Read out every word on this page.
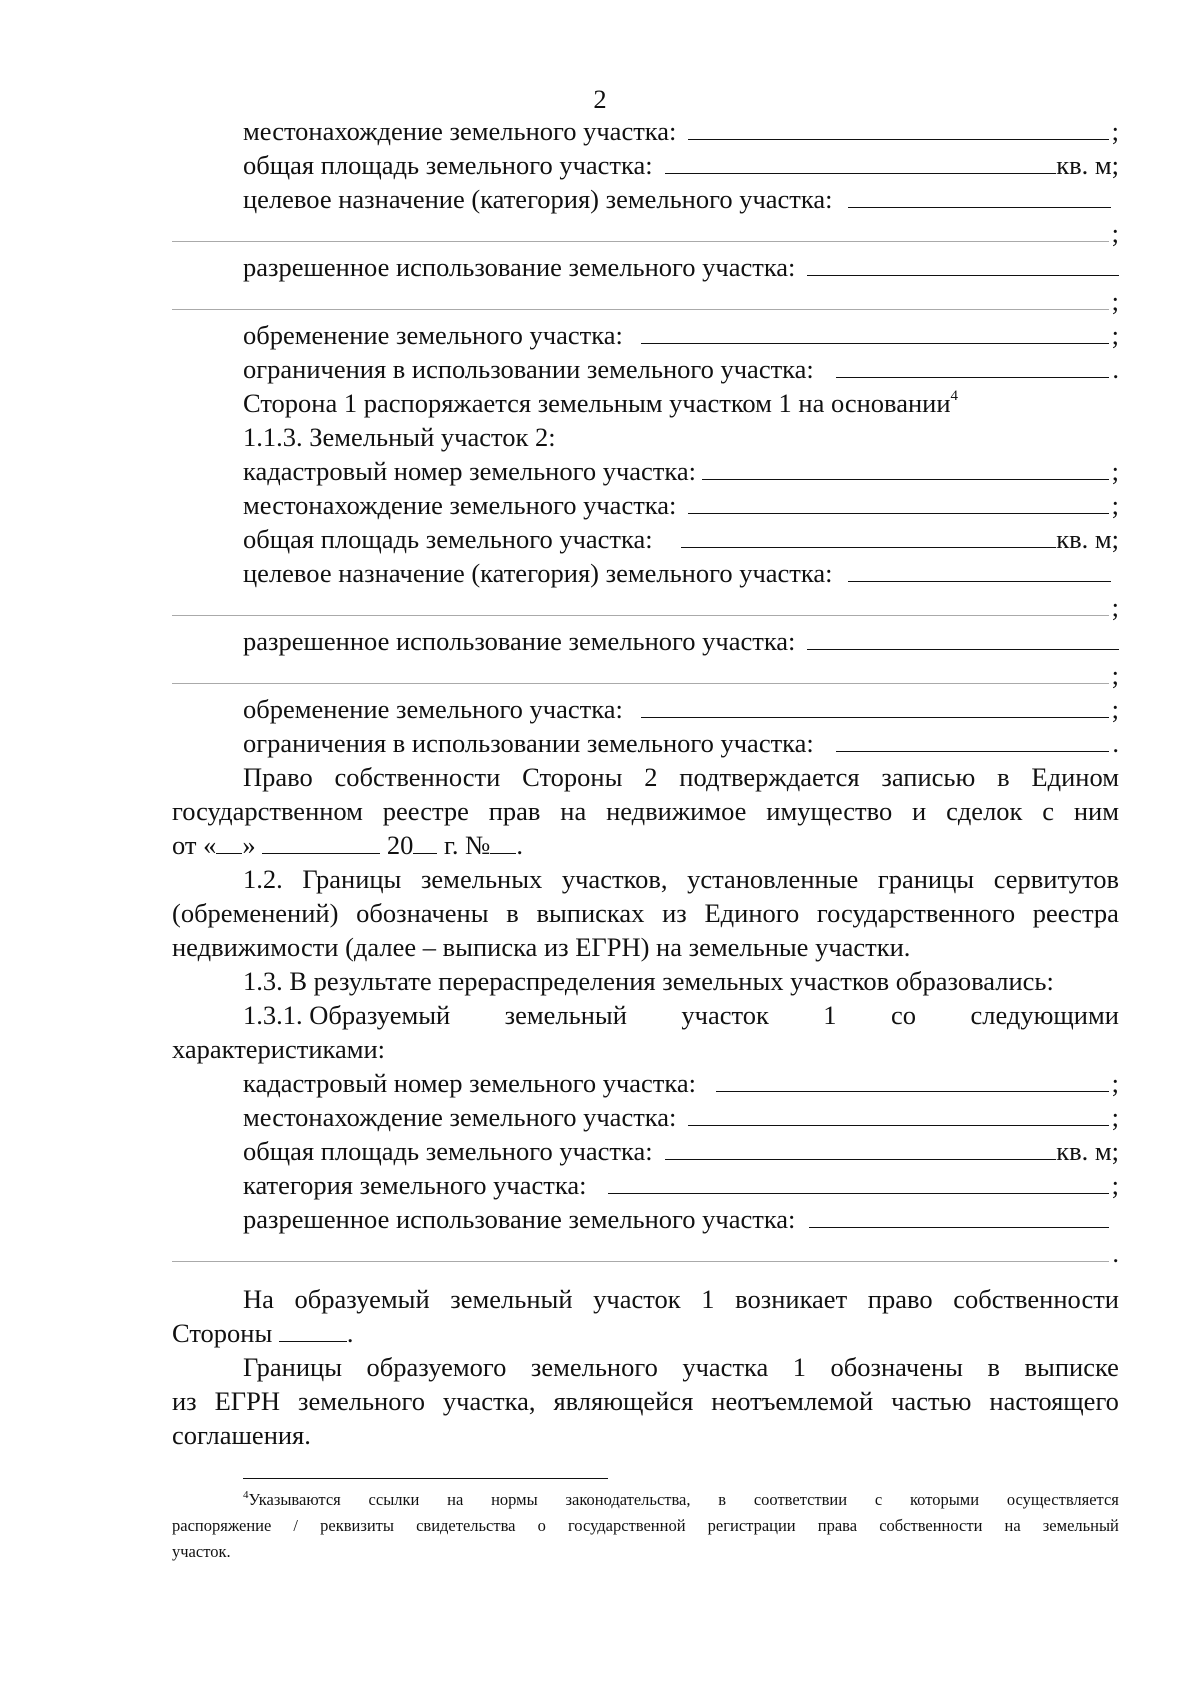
2
местонахождение земельного участка:	;
общая площадь земельного участка:	кв. м;
целевое назначение (категория) земельного участка:
;
разрешенное использование земельного участка:
;
обременение земельного участка:	;
ограничения в использовании земельного участка:	.
Сторона 1 распоряжается земельным участком 1 на основании$^4$
1.1.3. Земельный участок 2:
кадастровый номер земельного участка:	;
местонахождение земельного участка:	;
общая площадь земельного участка:	кв. м;
целевое назначение (категория) земельного участка:
;
разрешенное использование земельного участка:
;
обременение земельного участка:	;
ограничения в использовании земельного участка:	.
Право собственности Стороны 2 подтверждается записью в Едином
государственном реестре прав на недвижимое имущество и сделок с ним
от « »	20 г. № .
1.2. Границы земельных участков, установленные границы сервитутов
(обременений) обозначены в выписках из Единого государственного реестра
недвижимости (далее – выписка из ЕГРН) на земельные участки.
1.3. В результате перераспределения земельных участков образовались:
1.3.1. Образуемый земельный участок 1 со следующими
характеристиками:
кадастровый номер земельного участка:	;
местонахождение земельного участка:	;
общая площадь земельного участка:	кв. м;
категория земельного участка:	;
разрешенное использование земельного участка:
.
На образуемый земельный участок 1 возникает право собственности
Стороны	.
Границы образуемого земельного участка 1 обозначены в выписке
из ЕГРН земельного участка, являющейся неотъемлемой частью настоящего
соглашения.
$^4$Указываются ссылки на нормы законодательства, в соответствии с которыми осуществляется
распоряжение / реквизиты свидетельства о государственной регистрации права собственности на земельный
участок.
